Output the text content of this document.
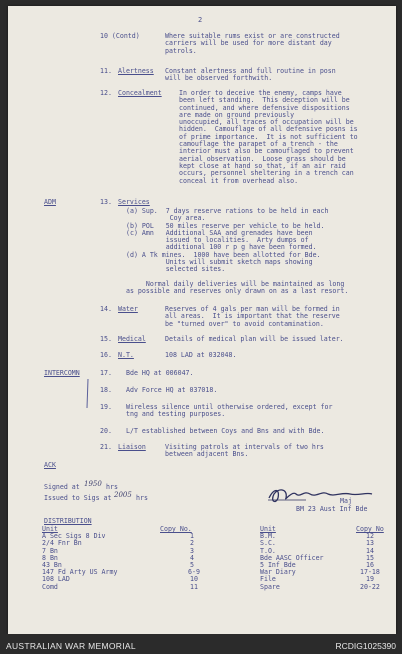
2
10 (Contd)	Where suitable rums exist or are constructed
carriers will be used for more distant day
patrols.
11. Alertness Constant alertness and full routine in posn
will be observed forthwith.
12. Concealment	In order to deceive the enemy, camps have
been left standing.  This deception will be
continued, and where defensive dispositions
are made on ground previously
unoccupied, all traces of occupation will be
hidden.  Camouflage of all defensive posns is
of prime importance.  It is not sufficient to
camouflage the parapet of a trench - the
interior must also be camouflaged to prevent
aerial observation.  Loose grass should be
kept close at hand so that, if an air raid
occurs, personnel sheltering in a trench can
conceal it from overhead also.
ADM	13. Services
(a) Sup.  7 days reserve rations to be held in each
Coy area.
(b) POL   50 miles reserve per vehicle to be held.
(c) Amn   Additional SAA and grenades have been
issued to localities.  Arty dumps of
additional 100 r p g have been formed.
(d) A Tk mines.  1000 have been allotted for Bde.
Units will submit sketch maps showing
selected sites.

Normal daily deliveries will be maintained as long
as possible and reserves only drawn on as a last resort.
14. Water	Reserves of 4 gals per man will be formed in
all areas.  It is important that the reserve
be "turned over" to avoid contamination.
15. Medical	Details of medical plan will be issued later.
16. N.T.	108 LAD at 032048.
INTERCOMN	17. Bde HQ at 006047.
18. Adv Force HQ at 037018.
19. Wireless silence until otherwise ordered, except for
tng and testing purposes.
20. L/T established between Coys and Bns and with Bde.
21. Liaison	Visiting patrols at intervals of two hrs
between adjacent Bns.
ACK
Signed at 1950 hrs
Issued to Sigs at 2005 hrs	Maj
BM 23 Aust Inf Bde
DISTRIBUTION
Unit	Copy No.	Unit	Copy No
A Sec Sigs 8 Div	1	B.M.	12
2/4 Fnr Bn	2	S.C.	13
7 Bn	3	T.O.	14
8 Bn	4	Bde AASC Officer	15
43 Bn	5	5 Inf Bde	16
147 Fd Arty US Army	6-9	War Diary	17-18
108 LAD	10	File	19
Comd	11	Spare	20-22
AUSTRALIAN WAR MEMORIAL	RCDIG1025390
